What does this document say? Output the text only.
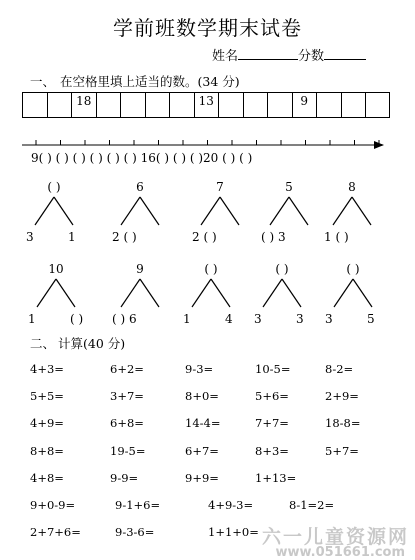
学前班数学期末试卷
姓名	分数
一、 在空格里填上适当的数。(34 分)
18	13	9
9( ) ( ) ( ) ( ) ( ) ( ) 16( ) ( ) ( )20 ( ) ( )
( )
3	1
6
2 ( )
7
2 ( )
5
( ) 3
8
1 ( )
10
1	( )
9
( ) 6
( )
1	4
( )
3	3
( )
3	5
二、 计算(40 分)
4+3=	6+2=	9-3=	10-5=	8-2=
5+5=	3+7=	8+0=	5+6=	2+9=
4+9=	6+8=	14-4=	7+7=	18-8=
8+8=	19-5=	6+7=	8+3=	5+7=
4+8=	9-9=	9+9=	1+13=
9+0-9=	9-1+6=	4+9-3=	8-1=2=
2+7+6=	9-3-6=	1+1+0= 六一儿童资源网
www.051661.com
